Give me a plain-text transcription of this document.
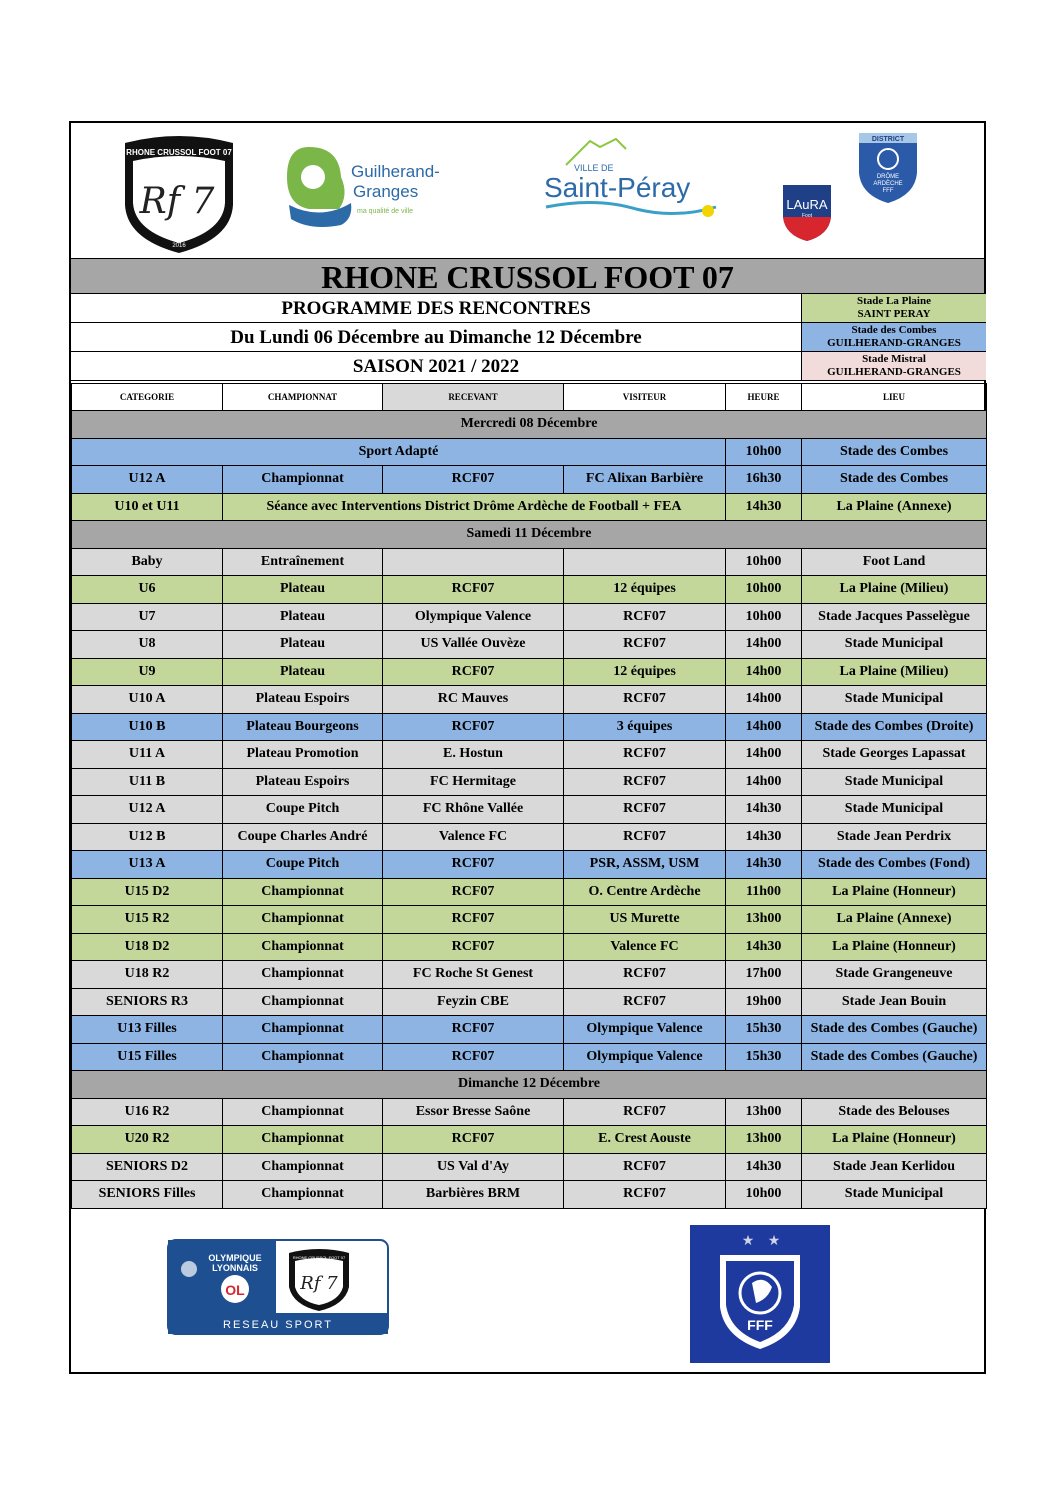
RHONE CRUSSOL FOOT 07
Rf 7
2016
Guilherand-
Granges
ma qualité de ville
VILLE DE
Saint-Péray
LAuRA
Foot
DISTRICT
DRÔME
ARDÈCHE
FFF
RHONE CRUSSOL FOOT 07
PROGRAMME DES RENCONTRES
Du Lundi 06 Décembre au Dimanche 12 Décembre
SAISON 2021 / 2022
Stade La Plaine
SAINT PERAY
Stade des Combes
GUILHERAND-GRANGES
Stade Mistral
GUILHERAND-GRANGES
CATEGORIE	CHAMPIONNAT	RECEVANT	VISITEUR	HEURE	LIEU
Mercredi 08 Décembre					
Sport Adapté				10h00	Stade des Combes
U12 A	Championnat	RCF07	FC Alixan Barbière	16h30	Stade des Combes
U10 et U11	Séance avec Interventions District Drôme Ardèche de Football + FEA			14h30	La Plaine (Annexe)
Samedi 11 Décembre					
Baby	Entraînement			10h00	Foot Land
U6	Plateau	RCF07	12 équipes	10h00	La Plaine (Milieu)
U7	Plateau	Olympique Valence	RCF07	10h00	Stade Jacques Passelègue
U8	Plateau	US Vallée Ouvèze	RCF07	14h00	Stade Municipal
U9	Plateau	RCF07	12 équipes	14h00	La Plaine (Milieu)
U10 A	Plateau Espoirs	RC Mauves	RCF07	14h00	Stade Municipal
U10 B	Plateau Bourgeons	RCF07	3 équipes	14h00	Stade des Combes (Droite)
U11 A	Plateau Promotion	E. Hostun	RCF07	14h00	Stade Georges Lapassat
U11 B	Plateau Espoirs	FC Hermitage	RCF07	14h00	Stade Municipal
U12 A	Coupe Pitch	FC Rhône Vallée	RCF07	14h30	Stade Municipal
U12 B	Coupe Charles André	Valence FC	RCF07	14h30	Stade Jean Perdrix
U13 A	Coupe Pitch	RCF07	PSR, ASSM, USM	14h30	Stade des Combes (Fond)
U15 D2	Championnat	RCF07	O. Centre Ardèche	11h00	La Plaine (Honneur)
U15 R2	Championnat	RCF07	US Murette	13h00	La Plaine (Annexe)
U18 D2	Championnat	RCF07	Valence FC	14h30	La Plaine (Honneur)
U18 R2	Championnat	FC Roche St Genest	RCF07	17h00	Stade Grangeneuve
SENIORS R3	Championnat	Feyzin CBE	RCF07	19h00	Stade Jean Bouin
U13 Filles	Championnat	RCF07	Olympique Valence	15h30	Stade des Combes (Gauche)
U15 Filles	Championnat	RCF07	Olympique Valence	15h30	Stade des Combes (Gauche)
Dimanche 12 Décembre					
U16 R2	Championnat	Essor Bresse Saône	RCF07	13h00	Stade des Belouses
U20 R2	Championnat	RCF07	E. Crest Aouste	13h00	La Plaine (Honneur)
SENIORS D2	Championnat	US Val d'Ay	RCF07	14h30	Stade Jean Kerlidou
SENIORS Filles	Championnat	Barbières BRM	RCF07	10h00	Stade Municipal
OLYMPIQUE
LYONNAIS
OL
RHONE CRUSSOL FOOT 07
Rf 7
RESEAU SPORT
★ ★
FFF
